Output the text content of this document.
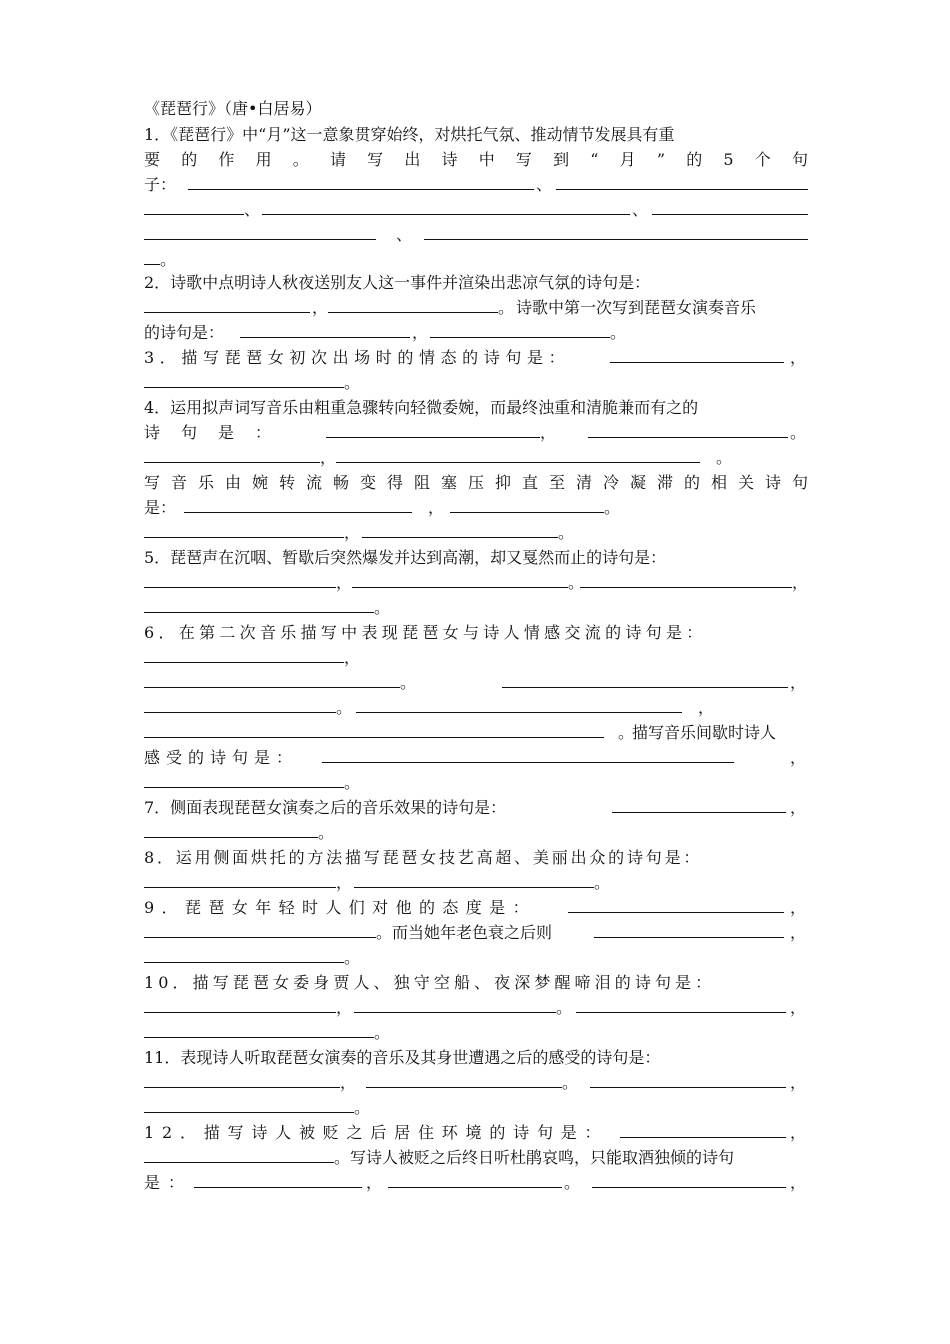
《琵琶行》（唐•白居易）
1．《琵琶行》中“月”这一意象贯穿始终，对烘托气氛、推动情节发展具有重
要的作用。请写出诗中写到“月”的5个句
子：	、
、	、
、
。
2．诗歌中点明诗人秋夜送别友人这一事件并渲染出悲凉气氛的诗句是：
，	。 诗歌中第一次写到琵琶女演奏音乐
的诗句是：	，	。
3．描写琵琶女初次出场时的情态的诗句是：	，
。
4．运用拟声词写音乐由粗重急骤转向轻微委婉，而最终浊重和清脆兼而有之的
诗句是：	，	。
，	。
写音乐由婉转流畅变得阻塞压抑直至清冷凝滞的相关诗句
是：	，	。
，	。
5．琵琶声在沉咽、暂歇后突然爆发并达到高潮，却又戛然而止的诗句是：
，	。	，
。
6．在第二次音乐描写中表现琵琶女与诗人情感交流的诗句是：
，
。	，
。	，
。
描写音乐间歇时诗人
感受的诗句是：	，
。
7．侧面表现琵琶女演奏之后的音乐效果的诗句是：	，
。
8．运用侧面烘托的方法描写琵琶女技艺高超、美丽出众的诗句是：
，	。
9．琵琶女年轻时人们对他的态度是：	，
。 而当她年老色衰之后则	，
。
10．描写琵琶女委身贾人、独守空船、夜深梦醒啼泪的诗句是：
，	。	，
。
11．表现诗人听取琵琶女演奏的音乐及其身世遭遇之后的感受的诗句是：
，	。	，
。
12．描写诗人被贬之后居住环境的诗句是：	，
。 写诗人被贬之后终日听杜鹃哀鸣，只能取酒独倾的诗句
是：	，	。	，
